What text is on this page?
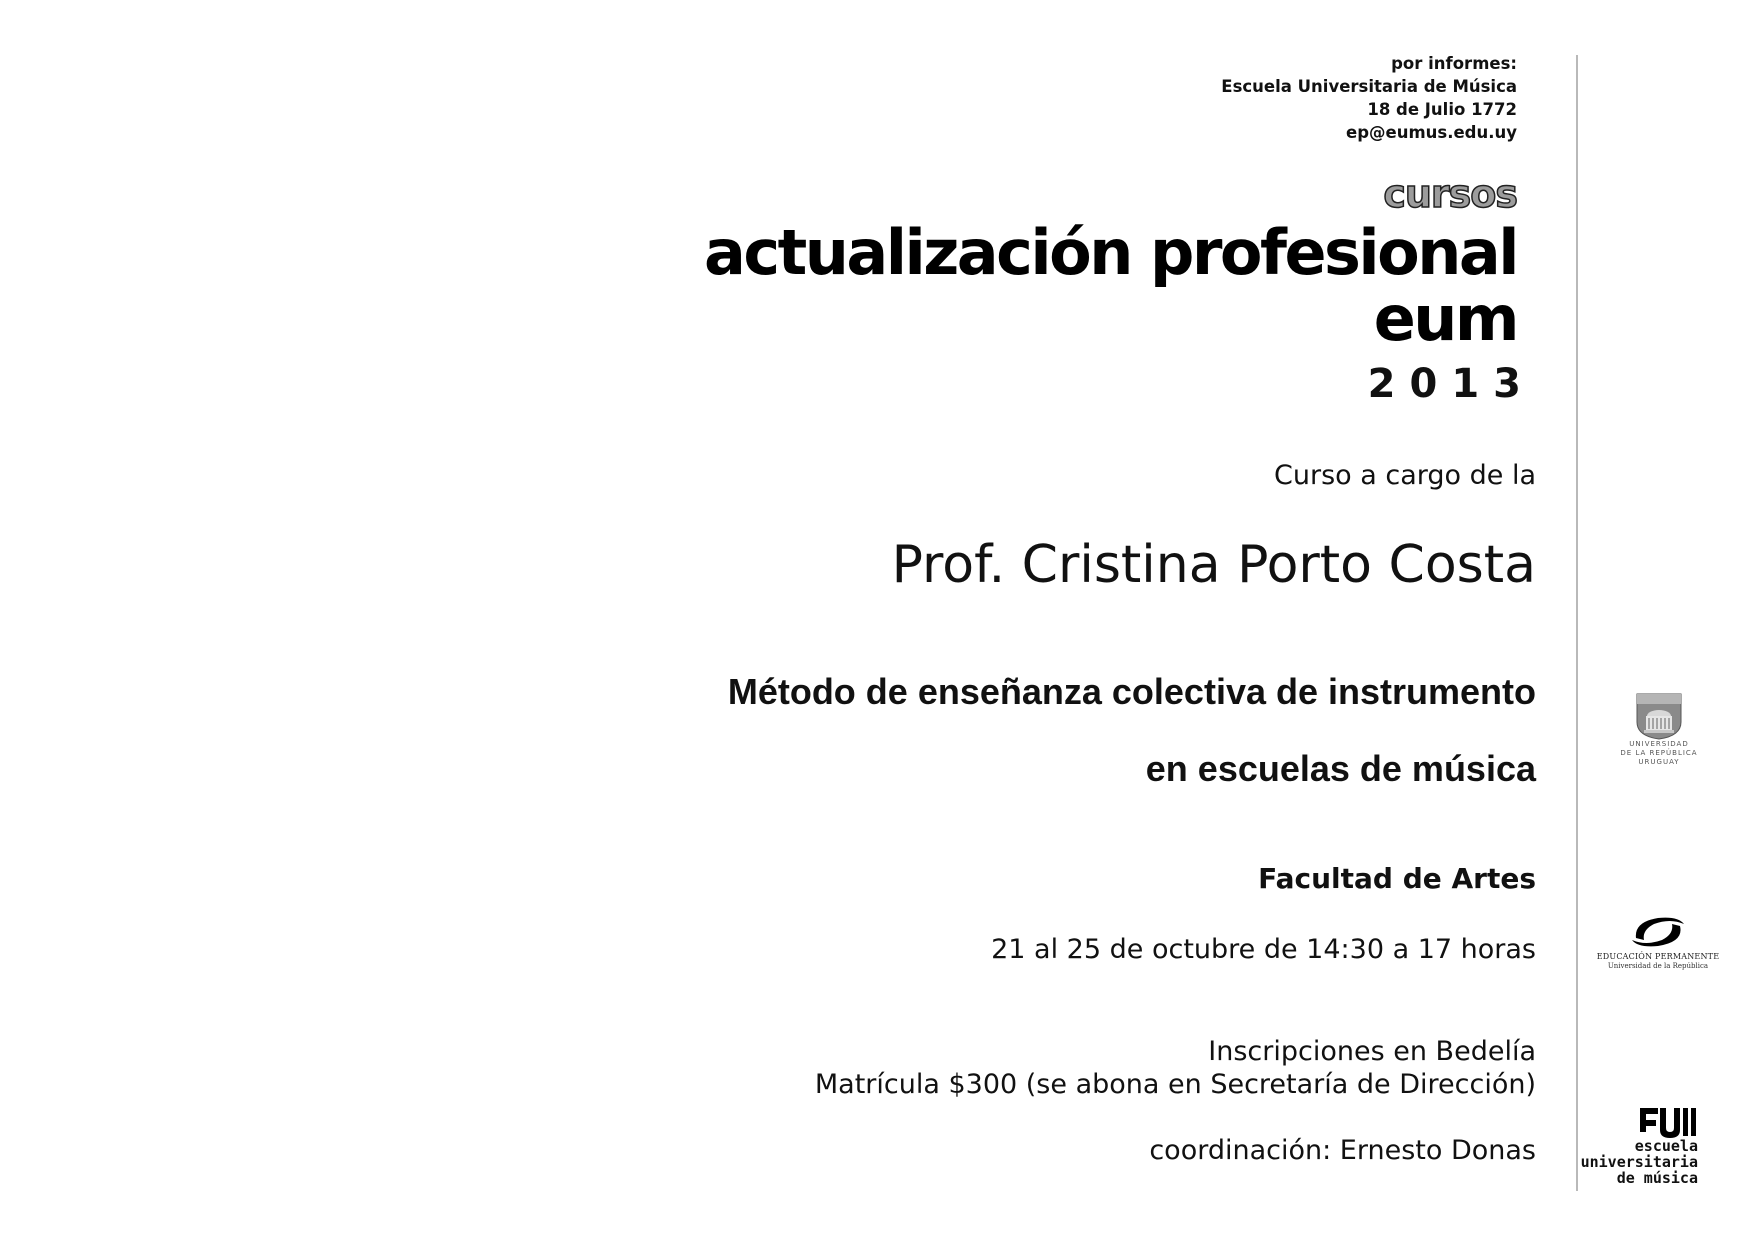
por informes:
Escuela Universitaria de Música
18 de Julio 1772
ep@eumus.edu.uy
cursos
actualización profesional
eum
2013
Curso a cargo de la
Prof. Cristina Porto Costa
Método de enseñanza colectiva de instrumento
en escuelas de música
Facultad de Artes
21 al 25 de octubre de 14:30 a 17 horas
Inscripciones en Bedelía
Matrícula $300 (se abona en Secretaría de Dirección)
coordinación: Ernesto Donas
UNIVERSIDAD
DE LA REPÚBLICA
URUGUAY
EDUCACIÓN PERMANENTE
Universidad de la República
escuela
universitaria
de música
